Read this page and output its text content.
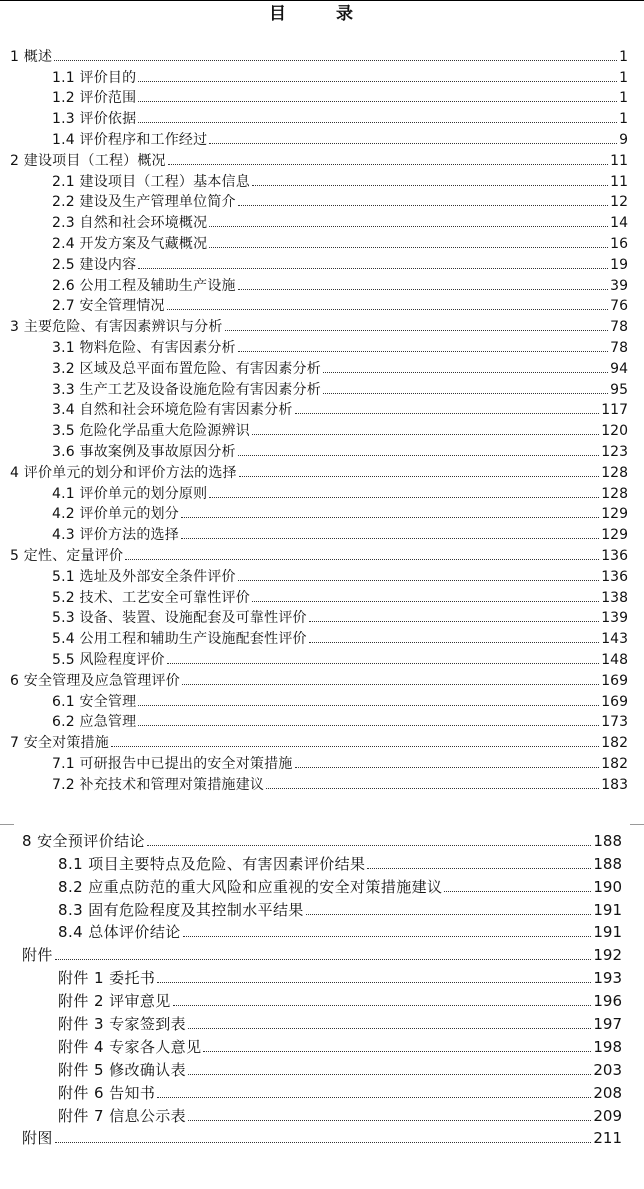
目 录
1 概述	1
1.1 评价目的	1
1.2 评价范围	1
1.3 评价依据	1
1.4 评价程序和工作经过	9
2 建设项目（工程）概况	11
2.1 建设项目（工程）基本信息	11
2.2 建设及生产管理单位简介	12
2.3 自然和社会环境概况	14
2.4 开发方案及气藏概况	16
2.5 建设内容	19
2.6 公用工程及辅助生产设施	39
2.7 安全管理情况	76
3 主要危险、有害因素辨识与分析	78
3.1 物料危险、有害因素分析	78
3.2 区域及总平面布置危险、有害因素分析	94
3.3 生产工艺及设备设施危险有害因素分析	95
3.4 自然和社会环境危险有害因素分析	117
3.5 危险化学品重大危险源辨识	120
3.6 事故案例及事故原因分析	123
4 评价单元的划分和评价方法的选择	128
4.1 评价单元的划分原则	128
4.2 评价单元的划分	129
4.3 评价方法的选择	129
5 定性、定量评价	136
5.1 选址及外部安全条件评价	136
5.2 技术、工艺安全可靠性评价	138
5.3 设备、装置、设施配套及可靠性评价	139
5.4 公用工程和辅助生产设施配套性评价	143
5.5 风险程度评价	148
6 安全管理及应急管理评价	169
6.1 安全管理	169
6.2 应急管理	173
7 安全对策措施	182
7.1 可研报告中已提出的安全对策措施	182
7.2 补充技术和管理对策措施建议	183
8 安全预评价结论	188
8.1 项目主要特点及危险、有害因素评价结果	188
8.2 应重点防范的重大风险和应重视的安全对策措施建议	190
8.3 固有危险程度及其控制水平结果	191
8.4 总体评价结论	191
附件	192
附件 1 委托书	193
附件 2 评审意见	196
附件 3 专家签到表	197
附件 4 专家各人意见	198
附件 5 修改确认表	203
附件 6 告知书	208
附件 7 信息公示表	209
附图	211
